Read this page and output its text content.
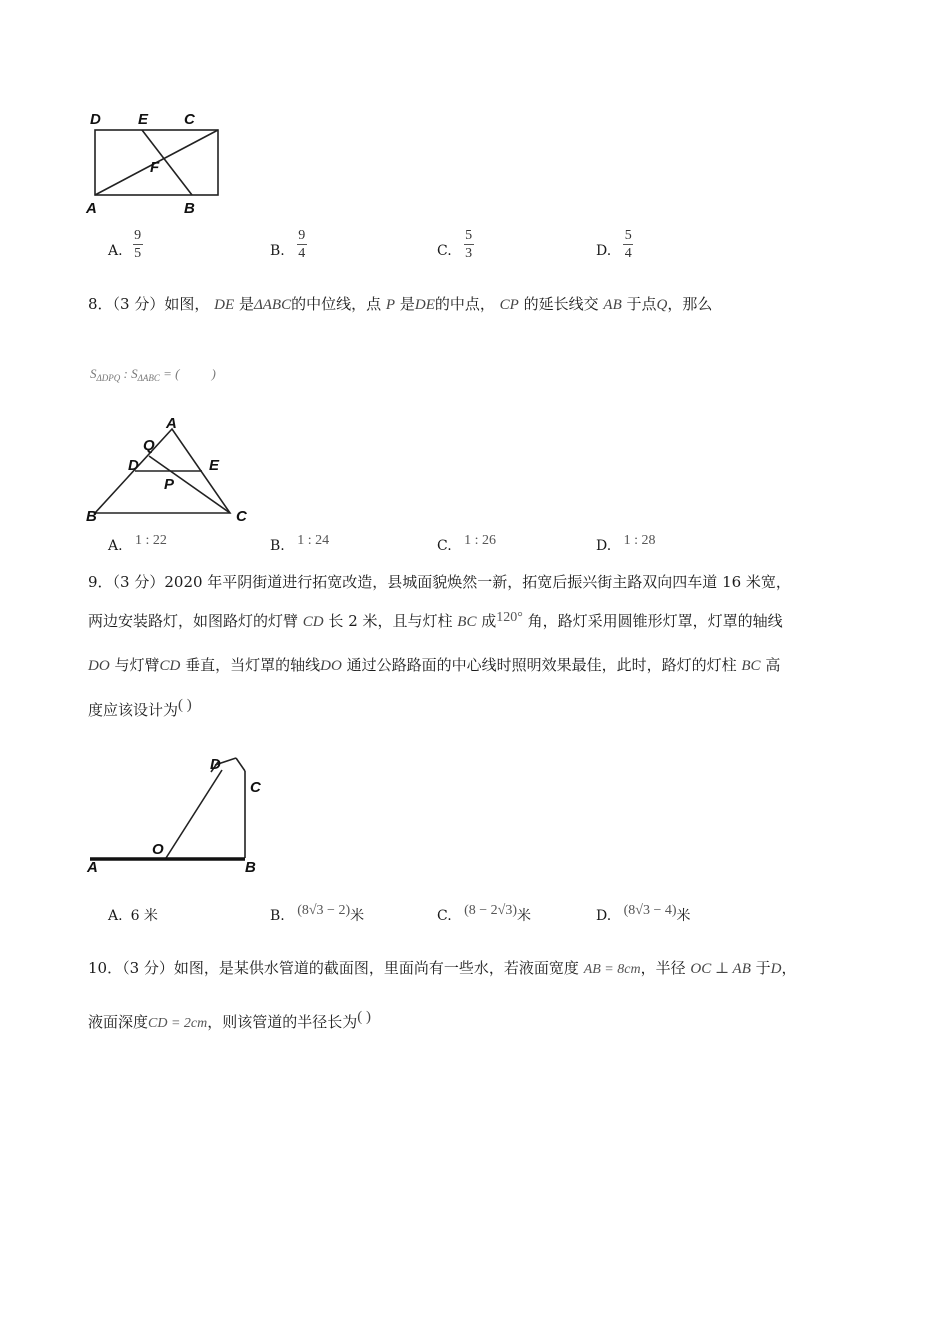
D E C
F
A	B
A. $\frac{9}{5}$	B. $\frac{9}{4}$	C. $\frac{5}{3}$	D. $\frac{5}{4}$
8．（3 分）如图， DE 是ΔABC的中位线，点 P 是DE的中点， CP 的延长线交 AB 于点Q，那么
$S_{\Delta DPQ}$ : $S_{\Delta ABC}$ = ( )
A
Q
D	E
P
B	C
A. 1 : 22	B. 1 : 24	C. 1 : 26	D. 1 : 28
9．（3 分）2020 年平阴街道进行拓宽改造，县城面貌焕然一新，拓宽后振兴街主路双向四车道 16 米宽，
两边安装路灯，如图路灯的灯臂 CD 长 2 米，且与灯柱 BC 成120° 角，路灯采用圆锥形灯罩，灯罩的轴线
DO 与灯臂CD 垂直，当灯罩的轴线DO 通过公路路面的中心线时照明效果最佳，此时，路灯的灯柱 BC 高
度应该设计为( )
D
C
O
A	B
A. 6 米	B. (8√3 − 2)米	C. (8 − 2√3)米	D. (8√3 − 4)米
10．（3 分）如图，是某供水管道的截面图，里面尚有一些水，若液面宽度 AB = 8cm，半径 OC ⊥ AB 于D，
液面深度CD = 2cm，则该管道的半径长为( )
